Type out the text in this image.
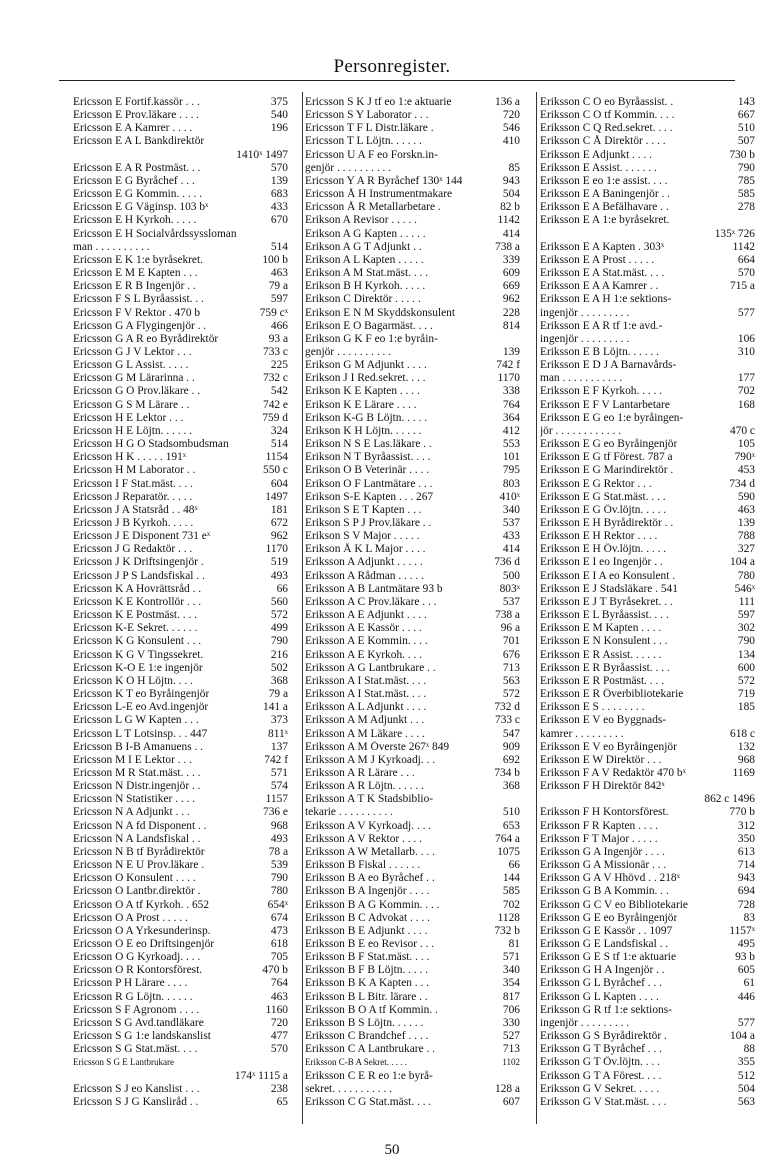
Personregister.
Ericsson E Fortif.kassör . . .	375
Ericsson E Prov.läkare . . . .	540
Ericsson E A Kamrer . . . .	196
Ericsson E A L Bankdirektör
1410ˣ 1497
Ericsson E A R Postmäst. . .	570
Ericsson E G Byråchef . . .	139
Ericsson E G Kommin. . . . .	683
Ericsson E G Väginsp. 103 bˣ	433
Ericsson E H Kyrkoh. . . . .	670
Ericsson E H Socialvårdssyssloman
man . . . . . . . . . .	514
Ericsson E K 1:e byråsekret.	100 b
Ericsson E M E Kapten . . .	463
Ericsson E R B Ingenjör . .	79 a
Ericsson F S L Byråassist. . .	597
Ericsson F V Rektor . 470 b	759 cˣ
Ericsson G A Flygingenjör . .	466
Ericsson G A R eo Byrådirektör	93 a
Ericsson G J V Lektor . . .	733 c
Ericsson G L Assist. . . . .	225
Ericsson G M Lärarinna . .	732 c
Ericsson G O Prov.läkare . .	542
Ericsson G S M Lärare . .	742 e
Ericsson H E Lektor . . .	759 d
Ericsson H E Löjtn. . . . . .	324
Ericsson H G O Stadsombudsman	514
Ericsson H K . . . . . 191ˣ	1154
Ericsson H M Laborator . .	550 c
Ericsson I F Stat.mäst. . . .	604
Ericsson J Reparatör. . . . .	1497
Ericsson J A Statsråd . . 48ˣ	181
Ericsson J B Kyrkoh. . . . .	672
Ericsson J E Disponent 731 eˣ	962
Ericsson J G Redaktör . . .	1170
Ericsson J K Driftsingenjör .	519
Ericsson J P S Landsfiskal . .	493
Ericsson K A Hovrättsråd . .	66
Ericsson K E Kontrollör . . .	560
Ericsson K E Postmäst. . . .	572
Ericsson K-E Sekret. . . . . .	499
Ericsson K G Konsulent . . .	790
Ericsson K G V Tingssekret.	216
Ericsson K-O E 1:e ingenjör	502
Ericsson K O H Löjtn. . . .	368
Ericsson K T eo Byråingenjör	79 a
Ericsson L-E eo Avd.ingenjör	141 a
Ericsson L G W Kapten . . .	373
Ericsson L T Lotsinsp. . . 447	811ˣ
Ericsson B I-B Amanuens . .	137
Ericsson M I E Lektor . . .	742 f
Ericsson M R Stat.mäst. . . .	571
Ericsson N Distr.ingenjör . .	574
Ericsson N Statistiker . . . .	1157
Ericsson N A Adjunkt . . .	736 e
Ericsson N A fd Disponent . .	968
Ericsson N A Landsfiskal . .	493
Ericsson N B tf Byrådirektör	78 a
Ericsson N E U Prov.läkare .	539
Ericsson O Konsulent . . . .	790
Ericsson O Lantbr.direktör .	780
Ericsson O A tf Kyrkoh. . 652	654ˣ
Ericsson O A Prost . . . . .	674
Ericsson O A Yrkesunderinsp.	473
Ericsson O E eo Driftsingenjör	618
Ericsson O G Kyrkoadj. . . .	705
Ericsson O R Kontorsförest.	470 b
Ericsson P H Lärare . . . .	764
Ericsson R G Löjtn. . . . . .	463
Ericsson S F Agronom . . . .	1160
Ericsson S G Avd.tandläkare	720
Ericsson S G 1:e landskanslist	477
Ericsson S G Stat.mäst. . . .	570
Ericsson S G E Lantbrukare
174ˣ 1115 a
Ericsson S J eo Kanslist . . .	238
Ericsson S J G Kansliråd . .	65
Ericsson S K J tf eo 1:e aktuarie	136 a
Ericsson S Y Laborator . . .	720
Ericsson T F L Distr.läkare .	546
Ericsson T L Löjtn. . . . . .	410
Ericsson U A F eo Forskn.in-
genjör . . . . . . . . . .	85
Ericsson Y A R Byråchef 130ˣ 144	943
Ericsson Å H Instrumentmakare	504
Ericsson Å R Metallarbetare .	82 b
Erikson A Revisor . . . . .	1142
Erikson A G Kapten . . . . .	414
Erikson A G T Adjunkt . .	738 a
Erikson A L Kapten . . . . .	339
Erikson A M Stat.mäst. . . .	609
Erikson B H Kyrkoh. . . . .	669
Erikson C Direktör . . . . .	962
Erikson E N M Skyddskonsulent	228
Erikson E O Bagarmäst. . . .	814
Erikson G K F eo 1:e byråin-
genjör . . . . . . . . . .	139
Erikson G M Adjunkt . . . .	742 f
Erikson J I Red.sekret. . . .	1170
Erikson K E Kapten . . . .	338
Erikson K E Lärare . . . .	764
Erikson K-G B Löjtn. . . . .	364
Erikson K H Löjtn. . . . . .	412
Erikson N S E Las.läkare . .	553
Erikson N T Byråassist. . . .	101
Erikson O B Veterinär . . . .	795
Erikson O F Lantmätare . . .	803
Erikson S-E Kapten . . . 267	410ˣ
Erikson S E T Kapten . . .	340
Erikson S P J Prov.läkare . .	537
Erikson S V Major . . . . .	433
Erikson Å K L Major . . . .	414
Eriksson A Adjunkt . . . . .	736 d
Eriksson A Rådman . . . . .	500
Eriksson A B Lantmätare 93 b	803ˣ
Eriksson A C Prov.läkare . . .	537
Eriksson A E Adjunkt . . . .	738 a
Eriksson A E Kassör . . . .	96 a
Eriksson A E Kommin. . . .	701
Eriksson A E Kyrkoh. . . .	676
Eriksson A G Lantbrukare . .	713
Eriksson A I Stat.mäst. . . .	563
Eriksson A I Stat.mäst. . . .	572
Eriksson A L Adjunkt . . . .	732 d
Eriksson A M Adjunkt . . .	733 c
Eriksson A M Läkare . . . .	547
Eriksson A M Överste 267ˣ 849	909
Eriksson A M J Kyrkoadj. . .	692
Eriksson A R Lärare . . .	734 b
Eriksson A R Löjtn. . . . . .	368
Eriksson A T K Stadsbiblio-
tekarie . . . . . . . . . .	510
Eriksson A V Kyrkoadj. . . .	653
Eriksson A V Rektor . . . .	764 a
Eriksson A W Metallarb. . . .	1075
Eriksson B Fiskal . . . . . .	66
Eriksson B A eo Byråchef . .	144
Eriksson B A Ingenjör . . . .	585
Eriksson B A G Kommin. . . .	702
Eriksson B C Advokat . . . .	1128
Eriksson B E Adjunkt . . . .	732 b
Eriksson B E eo Revisor . . .	81
Eriksson B F Stat.mäst. . . .	571
Eriksson B F B Löjtn. . . . .	340
Eriksson B K A Kapten . . .	354
Eriksson B L Bitr. lärare . .	817
Eriksson B O A tf Kommin. .	706
Eriksson B S Löjtn. . . . . .	330
Eriksson C Brandchef . . . .	527
Eriksson C A Lantbrukare . .	713
Eriksson C-B A Sekret. . . . .	1102
Eriksson C E R eo 1:e byrå-
sekret. . . . . . . . . . .	128 a
Eriksson C G Stat.mäst. . . .	607
Eriksson C O eo Byråassist. .	143
Eriksson C O tf Kommin. . . .	667
Eriksson C Q Red.sekret. . . .	510
Eriksson C Å Direktör . . . .	507
Eriksson E Adjunkt . . . .	730 b
Eriksson E Assist. . . . . . .	790
Eriksson E eo 1:e assist. . . .	785
Eriksson E A Baningenjör . .	585
Eriksson E A Befälhavare . .	278
Eriksson E A 1:e byråsekret.
135ˣ 726
Eriksson E A Kapten . 303ˣ	1142
Eriksson E A Prost . . . . .	664
Eriksson E A Stat.mäst. . . .	570
Eriksson E A A Kamrer . .	715 a
Eriksson E A H 1:e sektions-
ingenjör . . . . . . . . .	577
Eriksson E A R tf 1:e avd.-
ingenjör . . . . . . . . .	106
Eriksson E B Löjtn. . . . . .	310
Eriksson E D J A Barnavårds-
man . . . . . . . . . . .	177
Eriksson E F Kyrkoh. . . . .	702
Eriksson E F V Lantarbetare	168
Eriksson E G eo 1:e byråingen-
jör . . . . . . . . . . . .	470 c
Eriksson E G eo Byråingenjör	105
Eriksson E G tf Förest. 787 a	790ˣ
Eriksson E G Marindirektör .	453
Eriksson E G Rektor . . .	734 d
Eriksson E G Stat.mäst. . . .	590
Eriksson E G Öv.löjtn. . . . .	463
Eriksson E H Byrådirektör . .	139
Eriksson E H Rektor . . . .	788
Eriksson E H Öv.löjtn. . . . .	327
Eriksson E I eo Ingenjör . .	104 a
Eriksson E I A eo Konsulent .	780
Eriksson E J Stadsläkare . 541	546ˣ
Eriksson E J T Byråsekret. . .	111
Eriksson E L Byråassist. . . .	597
Eriksson E M Kapten . . . .	302
Eriksson E N Konsulent . . .	790
Eriksson E R Assist. . . . . .	134
Eriksson E R Byråassist. . . .	600
Eriksson E R Postmäst. . . .	572
Eriksson E R Överbibliotekarie	719
Eriksson E S . . . . . . . .	185
Eriksson E V eo Byggnads-
kamrer . . . . . . . . .	618 c
Eriksson E V eo Byråingenjör	132
Eriksson E W Direktör . . .	968
Eriksson F A V Redaktör 470 bˣ	1169
Eriksson F H Direktör 842ˣ
862 c 1496
Eriksson F H Kontorsförest.	770 b
Eriksson F R Kapten . . . .	312
Eriksson F T Major . . . . .	350
Eriksson G A Ingenjör . . . .	613
Eriksson G A Missionär . . .	714
Eriksson G A V Hhövd . . 218ˣ	943
Eriksson G B A Kommin. . .	694
Eriksson G C V eo Bibliotekarie	728
Eriksson G E eo Byråingenjör	83
Eriksson G E Kassör . . 1097	1157ˣ
Eriksson G E Landsfiskal . .	495
Eriksson G E S tf 1:e aktuarie	93 b
Eriksson G H A Ingenjör . .	605
Eriksson G L Byråchef . . .	61
Eriksson G L Kapten . . . .	446
Eriksson G R tf 1:e sektions-
ingenjör . . . . . . . . .	577
Eriksson G S Byrådirektör .	104 a
Eriksson G T Byråchef . . .	88
Eriksson G T Öv.löjtn. . . .	355
Eriksson G T A Förest. . . .	512
Eriksson G V Sekret. . . . .	504
Eriksson G V Stat.mäst. . . .	563
50
